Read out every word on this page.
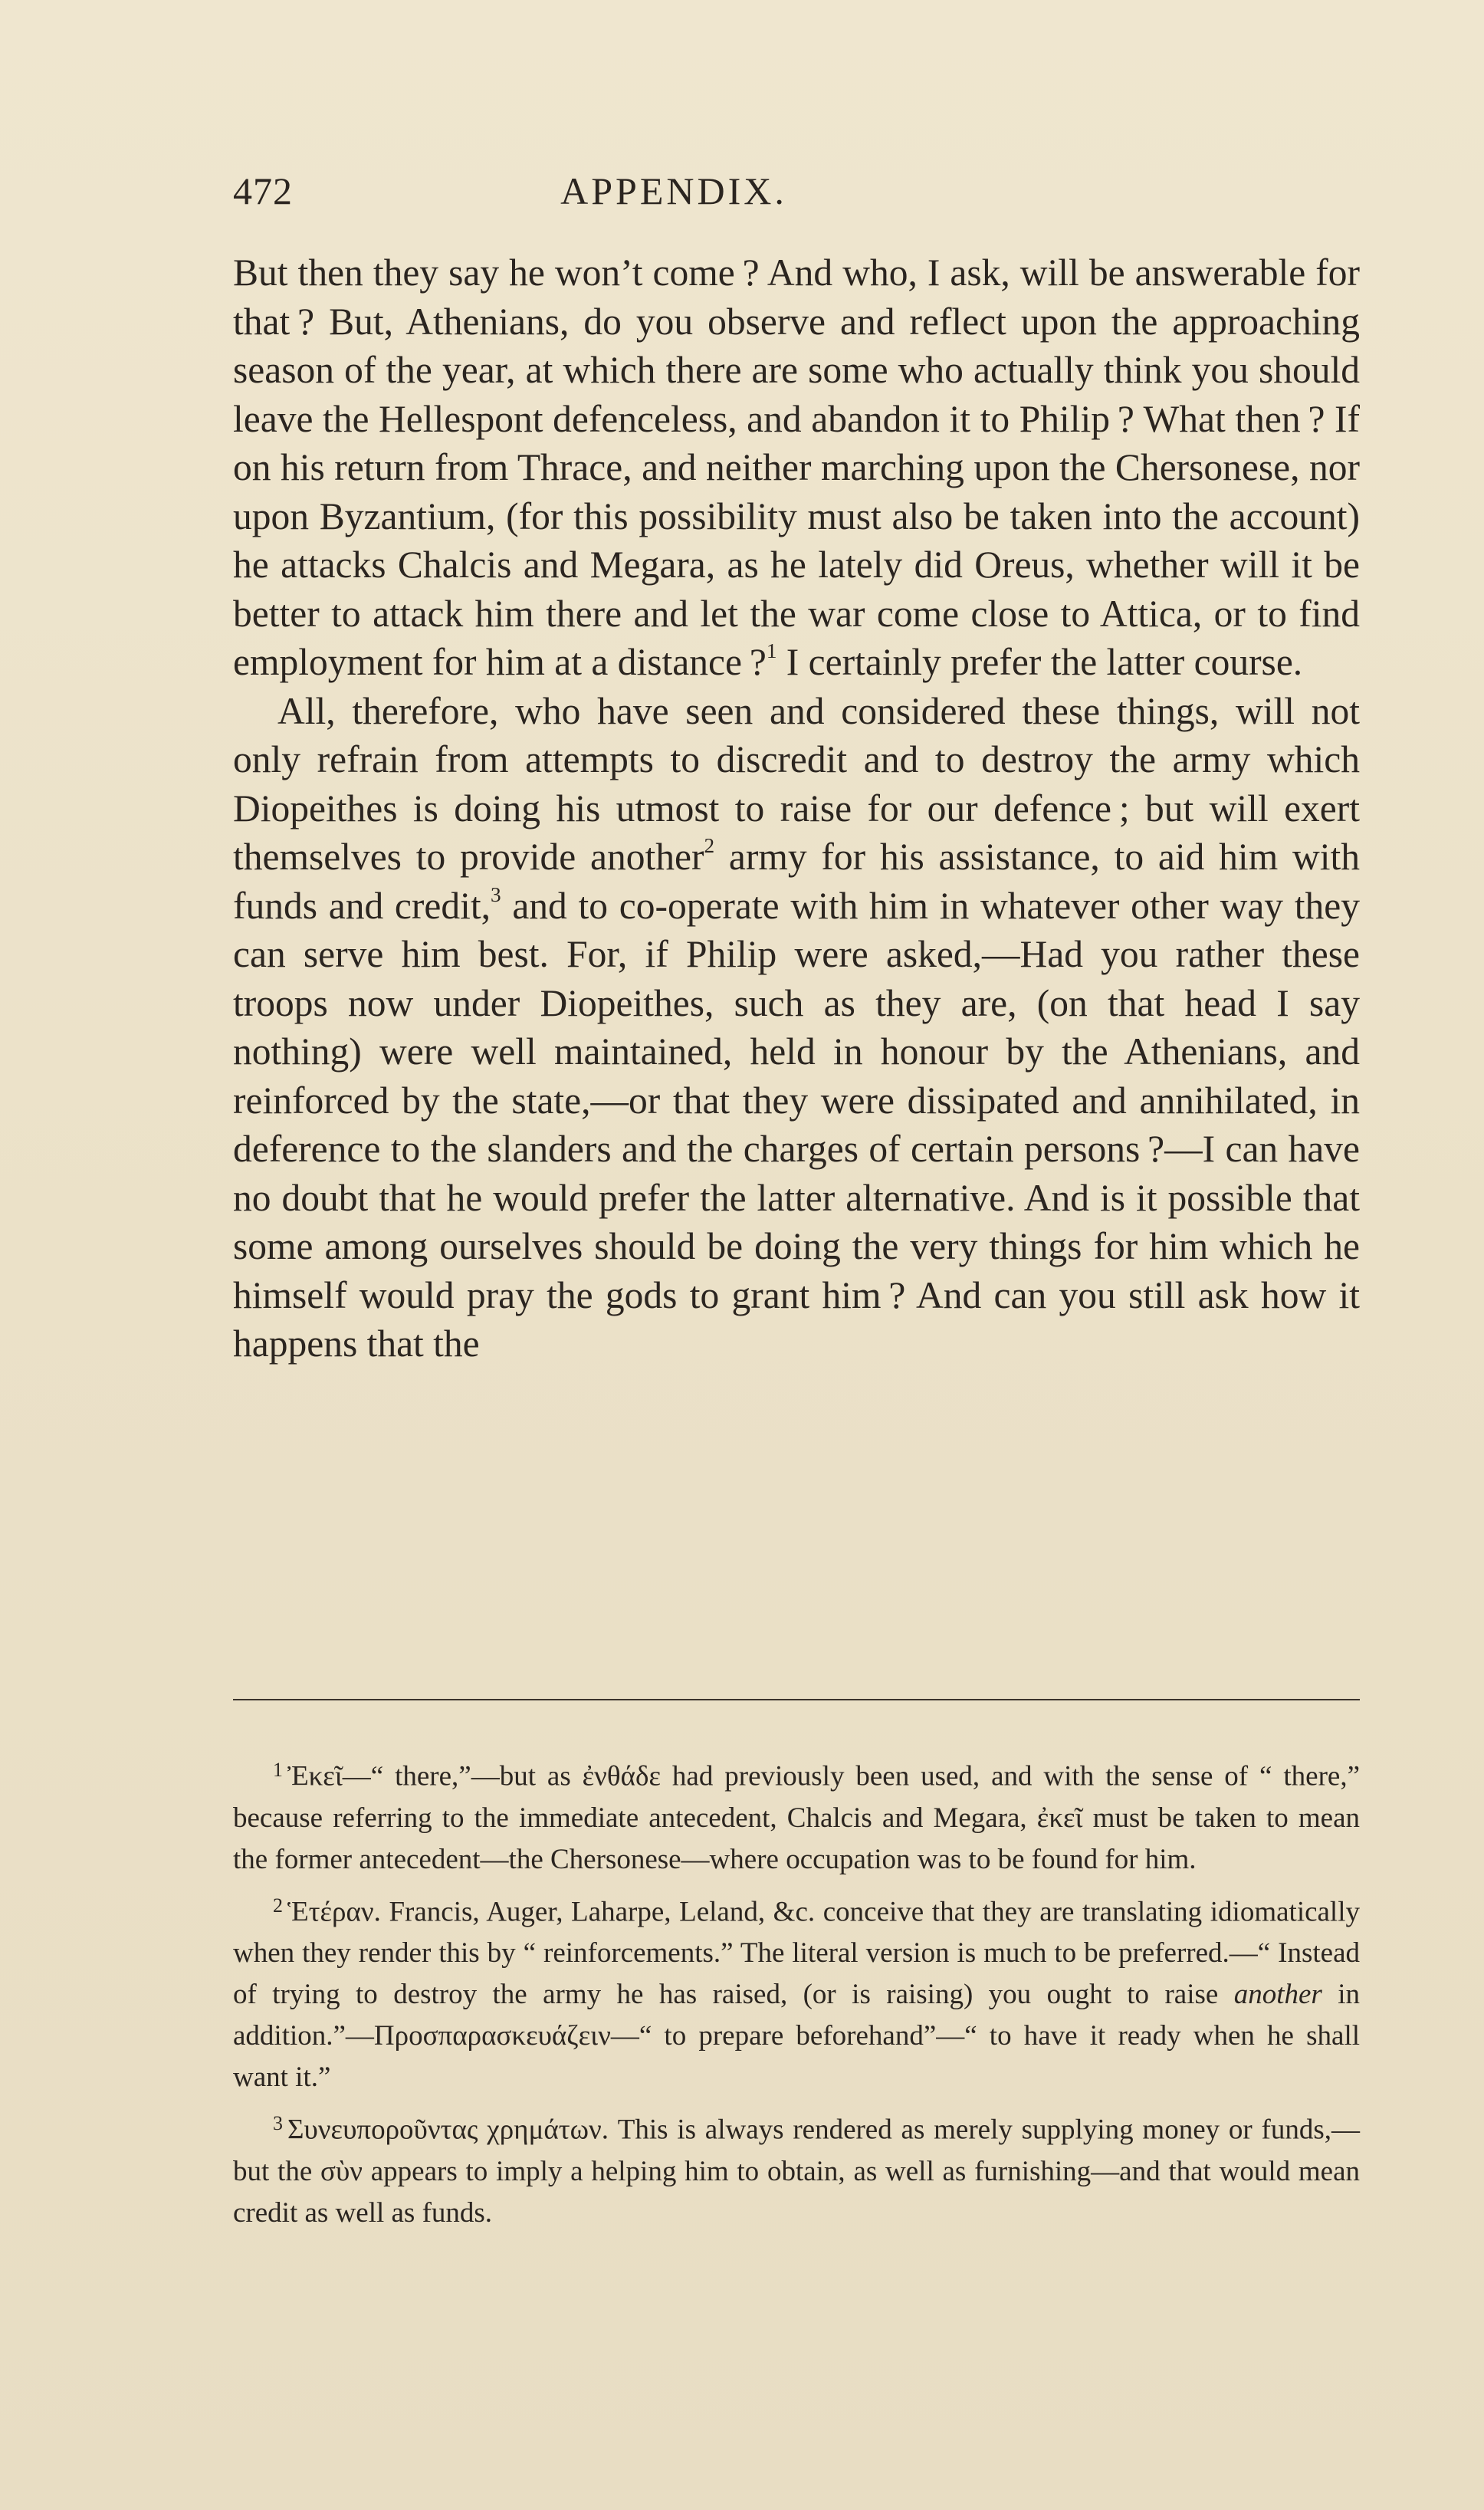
472	APPENDIX.

But then they say he won’t come ? And who, I ask, will be answerable for that ? But, Athenians, do you observe and reflect upon the approaching season of the year, at which there are some who actually think you should leave the Hellespont defenceless, and abandon it to Philip ? What then ? If on his return from Thrace, and neither marching upon the Chersonese, nor upon Byzantium, (for this possibility must also be taken into the account) he attacks Chalcis and Megara, as he lately did Oreus, whether will it be better to attack him there and let the war come close to Attica, or to find employment for him at a distance ?$^1$ I certainly prefer the latter course.

All, therefore, who have seen and considered these things, will not only refrain from attempts to discredit and to destroy the army which Diopeithes is doing his utmost to raise for our defence ; but will exert themselves to provide another$^2$ army for his assistance, to aid him with funds and credit,$^3$ and to co-operate with him in whatever other way they can serve him best. For, if Philip were asked,—Had you rather these troops now under Diopeithes, such as they are, (on that head I say nothing) were well maintained, held in honour by the Athenians, and reinforced by the state,—or that they were dissipated and annihilated, in deference to the slanders and the charges of certain persons ?—I can have no doubt that he would prefer the latter alternative. And is it possible that some among ourselves should be doing the very things for him which he himself would pray the gods to grant him ? And can you still ask how it happens that the

$^1$ Ἐκεῖ—“ there,”—but as ἐνθάδε had previously been used, and with the sense of “ there,” because referring to the immediate antecedent, Chalcis and Megara, ἐκεῖ must be taken to mean the former antecedent—the Chersonese—where occupation was to be found for him.

$^2$ Ἑτέραν. Francis, Auger, Laharpe, Leland, &c. conceive that they are translating idiomatically when they render this by “ reinforcements.” The literal version is much to be preferred.—“ Instead of trying to destroy the army he has raised, (or is raising) you ought to raise another in addition.”—Προσπαρασκευάζειν—“ to prepare beforehand”—“ to have it ready when he shall want it.”

$^3$ Συνευποροῦντας χρημάτων. This is always rendered as merely supplying money or funds,—but the σὺν appears to imply a helping him to obtain, as well as furnishing—and that would mean credit as well as funds.
